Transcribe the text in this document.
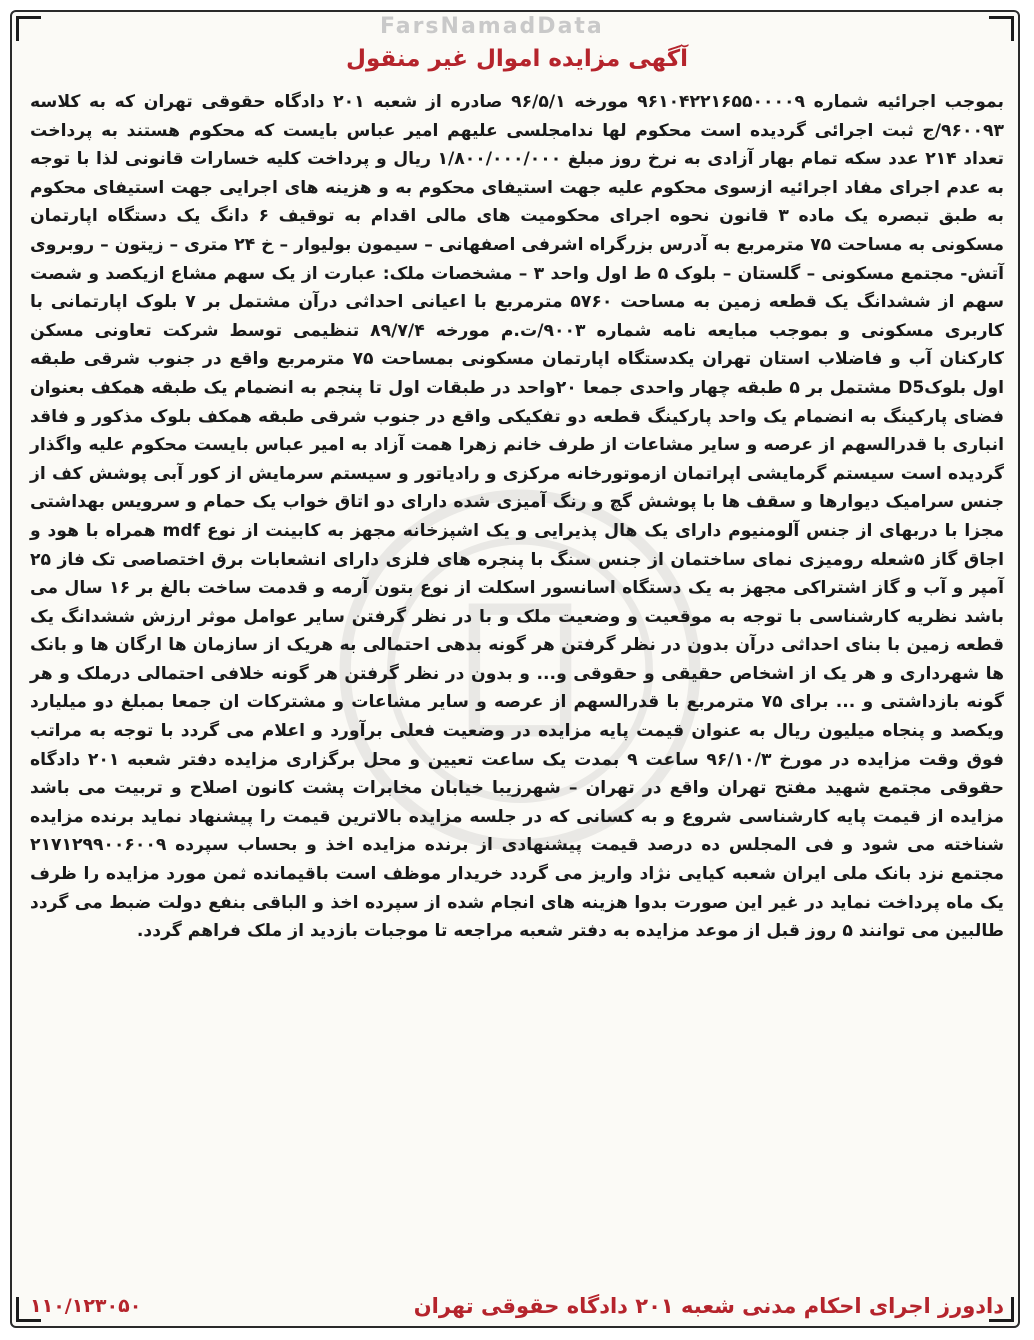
FarsNamadData
آگهی مزایده اموال غیر منقول

بموجب اجرائیه شماره ۹۶۱۰۴۲۲۱۶۵۵۰۰۰۰۹ مورخه ۹۶/۵/۱ صادره از شعبه ۲۰۱ دادگاه حقوقی تهران که به کلاسه ۹۶۰۰۹۳/ج ثبت اجرائی گردیده است محکوم لها ندامجلسی علیهم امیر عباس بایست که محکوم هستند به پرداخت تعداد ۲۱۴ عدد سکه تمام بهار آزادی به نرخ روز مبلغ ۱/۸۰۰/۰۰۰/۰۰۰ ریال و پرداخت کلیه خسارات قانونی لذا با توجه به عدم اجرای مفاد اجرائیه ازسوی محکوم علیه جهت استیفای محکوم به و هزینه های اجرایی جهت استیفای محکوم به طبق تبصره یک ماده ۳ قانون نحوه اجرای محکومیت های مالی اقدام به توقیف ۶ دانگ یک دستگاه اپارتمان مسکونی به مساحت ۷۵ مترمربع به آدرس بزرگراه اشرفی اصفهانی – سیمون بولیوار – خ ۲۴ متری – زیتون – روبروی آتش- مجتمع مسکونی – گلستان – بلوک ۵ ط اول واحد ۳ – مشخصات ملک: عبارت از یک سهم مشاع ازیکصد و شصت سهم از ششدانگ یک قطعه زمین به مساحت ۵۷۶۰ مترمربع با اعیانی احداثی درآن مشتمل بر ۷ بلوک اپارتمانی با کاربری مسکونی و بموجب مبایعه نامه شماره ۹۰۰۳/ت.م مورخه ۸۹/۷/۴ تنظیمی توسط شرکت تعاونی مسکن کارکنان آب و فاضلاب استان تهران یکدستگاه اپارتمان مسکونی بمساحت ۷۵ مترمربع واقع در جنوب شرقی طبقه اول بلوکD5 مشتمل بر ۵ طبقه چهار واحدی جمعا ۲۰واحد در طبقات اول تا پنجم به انضمام یک طبقه همکف بعنوان فضای پارکینگ به انضمام یک واحد پارکینگ قطعه دو تفکیکی واقع در جنوب شرقی طبقه همکف بلوک مذکور و فاقد انباری با قدرالسهم از عرصه و سایر مشاعات از طرف خانم زهرا همت آزاد به امیر عباس بایست محکوم علیه واگذار گردیده است سیستم گرمایشی اپراتمان ازموتورخانه مرکزی و رادیاتور و سیستم سرمایش از کور آبی پوشش کف از جنس سرامیک دیوارها و سقف ها با پوشش گچ و رنگ آمیزی شده دارای دو اتاق خواب یک حمام و سرویس بهداشتی مجزا با دربهای از جنس آلومنیوم دارای یک هال پذیرایی و یک اشپزخانه مجهز به کابینت از نوع mdf همراه با هود و اجاق گاز ۵شعله رومیزی نمای ساختمان از جنس سنگ با پنجره های فلزی دارای انشعابات برق اختصاصی تک فاز ۲۵ آمپر و آب و گاز اشتراکی مجهز به یک دستگاه اسانسور اسکلت از نوع بتون آرمه و قدمت ساخت بالغ بر ۱۶ سال می باشد نظریه کارشناسی با توجه به موقعیت و وضعیت ملک و با در نظر گرفتن سایر عوامل موثر ارزش ششدانگ یک قطعه زمین با بنای احداثی درآن بدون در نظر گرفتن هر گونه بدهی احتمالی به هریک از سازمان ها ارگان ها و بانک ها شهرداری و هر یک از اشخاص حقیقی و حقوقی و... و بدون در نظر گرفتن هر گونه خلافی احتمالی درملک و هر گونه بازداشتی و ... برای ۷۵ مترمربع با قدرالسهم از عرصه و سایر مشاعات و مشترکات ان جمعا بمبلغ دو میلیارد ویکصد و پنجاه میلیون ریال به عنوان قیمت پایه مزایده در وضعیت فعلی برآورد و اعلام می گردد با توجه به مراتب فوق وقت مزایده در مورخ ۹۶/۱۰/۳ ساعت ۹ بمدت یک ساعت تعیین و محل برگزاری مزایده دفتر شعبه ۲۰۱ دادگاه حقوقی مجتمع شهید مفتح تهران واقع در تهران – شهرزیبا خیابان مخابرات پشت کانون اصلاح و تربیت می باشد مزایده از قیمت پایه کارشناسی شروع و به کسانی که در جلسه مزایده بالاترین قیمت را پیشنهاد نماید برنده مزایده شناخته می شود و فی المجلس ده درصد قیمت پیشنهادی از برنده مزایده اخذ و بحساب سپرده ۲۱۷۱۲۹۹۰۰۶۰۰۹ مجتمع نزد بانک ملی ایران شعبه کیایی نژاد واریز می گردد خریدار موظف است باقیمانده ثمن مورد مزایده را ظرف یک ماه پرداخت نماید در غیر این صورت بدوا هزینه های انجام شده از سپرده اخذ و الباقی بنفع دولت ضبط می گردد طالبین می توانند ۵ روز قبل از موعد مزایده به دفتر شعبه مراجعه تا موجبات بازدید از ملک فراهم گردد.

دادورز اجرای احکام مدنی شعبه ۲۰۱ دادگاه حقوقی تهران
۱۱۰/۱۲۳۰۵۰
